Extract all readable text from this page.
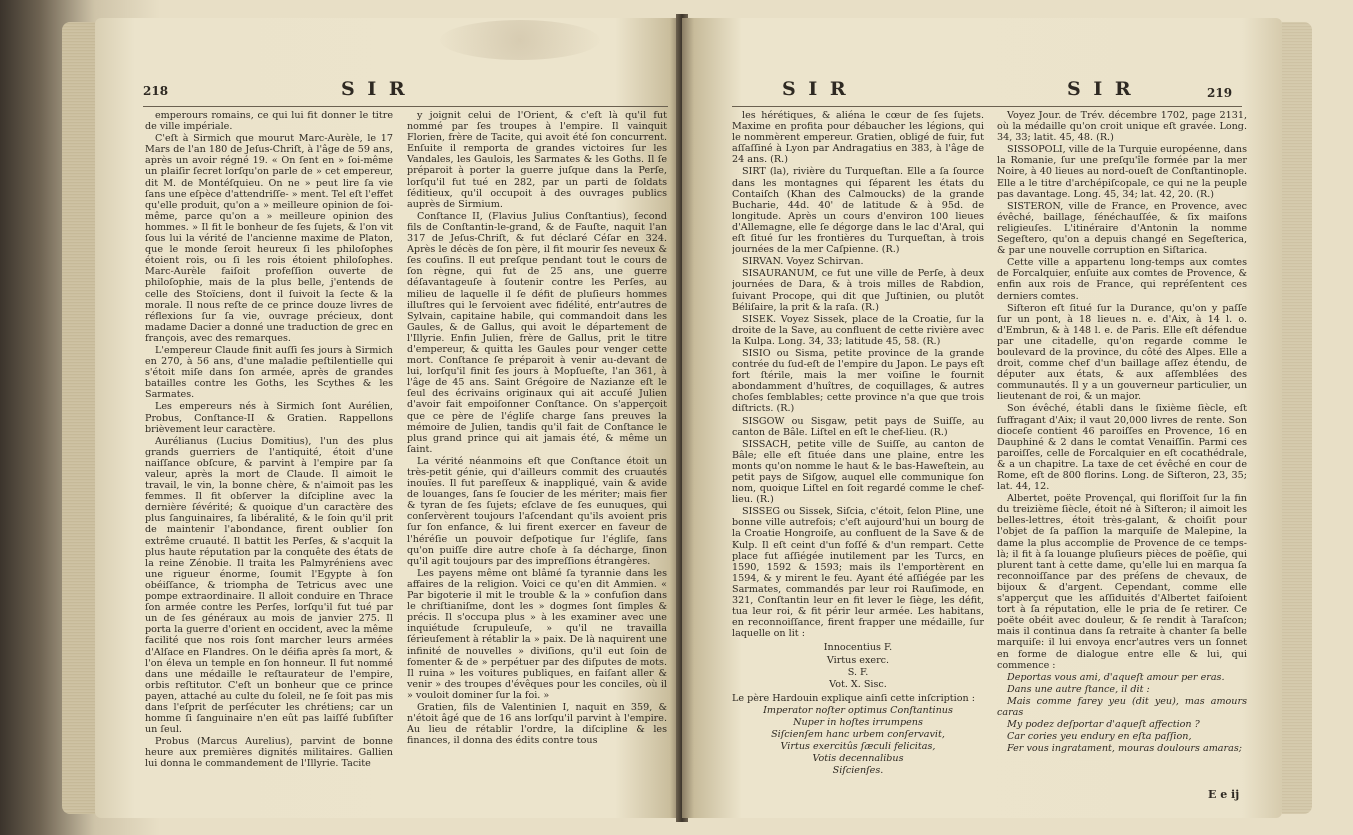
218	S I R

emperours romains, ce qui lui fit donner le titre de ville impériale.

C'eſt à Sirmich que mourut Marc-Aurèle, le 17 Mars de l'an 180 de Jeſus-Chriſt, à l'âge de 59 ans, après un avoir régné 19. « On ſent en » ſoi-même un plaiſir ſecret lorſqu'on parle de » cet empereur, dit M. de Montéſquieu. On ne » peut lire ſa vie ſans une eſpèce d'attendriſſe- » ment. Tel eſt l'effet qu'elle produit, qu'on a » meilleure opinion de ſoi-même, parce qu'on a » meilleure opinion des hommes. » Il fit le bonheur de ſes ſujets, & l'on vit ſous lui la vérité de l'ancienne maxime de Platon, que le monde ſeroit heureux ſi les philoſophes étoient rois, ou ſi les rois étoient philoſophes. Marc-Aurèle faiſoit profeſſion ouverte de philoſophie, mais de la plus belle, j'entends de celle des Stoïciens, dont il ſuivoit la ſecte & la morale. Il nous reſte de ce prince douze livres de réflexions ſur ſa vie, ouvrage précieux, dont madame Dacier a donné une traduction de grec en françois, avec des remarques.

L'empereur Claude finit auſſi ſes jours à Sirmich en 270, à 56 ans, d'une maladie peſtilentielle qui s'étoit miſe dans ſon armée, après de grandes batailles contre les Goths, les Scythes & les Sarmates.

Les empereurs nés à Sirmich ſont Aurélien, Probus, Conſtance-II & Gratien. Rappellons brièvement leur caractère.

Aurélianus (Lucius Domitius), l'un des plus grands guerriers de l'antiquité, étoit d'une naiſſance obſcure, & parvint à l'empire par ſa valeur, après la mort de Claude. Il aimoit le travail, le vin, la bonne chère, & n'aimoit pas les femmes. Il fit obſerver la diſcipline avec la dernière ſévérité; & quoique d'un caractère des plus ſanguinaires, ſa libéralité, & le ſoin qu'il prit de maintenir l'abondance, firent oublier ſon extrême cruauté. Il battit les Perſes, & s'acquit la plus haute réputation par la conquête des états de la reine Zénobie. Il traita les Palmyréniens avec une rigueur énorme, ſoumit l'Egypte à ſon obéiſſance, & triompha de Tetricus avec une pompe extraordinaire. Il alloit conduire en Thrace ſon armée contre les Perſes, lorſqu'il fut tué par un de ſes généraux au mois de janvier 275. Il porta la guerre d'orient en occident, avec la même facilité que nos rois ſont marcher leurs armées d'Alſace en Flandres. On le déifia après ſa mort, & l'on éleva un temple en ſon honneur. Il fut nommé dans une médaille le reſtaurateur de l'empire, orbis reſtitutor. C'eſt un bonheur que ce prince payen, attaché au culte du ſoleil, ne ſe ſoit pas mis dans l'eſprit de perſécuter les chrétiens; car un homme ſi ſanguinaire n'en eût pas laiſſé ſubſiſter un ſeul.

Probus (Marcus Aurelius), parvint de bonne heure aux premières dignités militaires. Gallien lui donna le commandement de l'Illyrie. Tacite

y joignit celui de l'Orient, & c'eſt là qu'il fut nommé par ſes troupes à l'empire. Il vainquit Florien, frère de Tacite, qui avoit été ſon concurrent. Enſuite il remporta de grandes victoires ſur les Vandales, les Gaulois, les Sarmates & les Goths. Il ſe préparoit à porter la guerre juſque dans la Perſe, lorſqu'il fut tué en 282, par un parti de ſoldats ſéditieux, qu'il occupoit à des ouvrages publics auprès de Sirmium.

Conſtance II, (Flavius Julius Conſtantius), ſecond fils de Conſtantin-le-grand, & de Fauſte, naquit l'an 317 de Jeſus-Chriſt, & fut déclaré Céſar en 324. Après le décès de ſon père, il fit mourir ſes neveux & ſes couſins. Il eut preſque pendant tout le cours de ſon règne, qui fut de 25 ans, une guerre déſavantageuſe à ſoutenir contre les Perſes, au milieu de laquelle il ſe défit de pluſieurs hommes illuſtres qui le ſervoient avec fidélité, entr'autres de Sylvain, capitaine habile, qui commandoit dans les Gaules, & de Gallus, qui avoit le département de l'Illyrie. Enfin Julien, frère de Gallus, prit le titre d'empereur, & quitta les Gaules pour venger cette mort. Conſtance ſe préparoit à venir au-devant de lui, lorſqu'il finit ſes jours à Mopſueſte, l'an 361, à l'âge de 45 ans. Saint Grégoire de Nazianze eſt le ſeul des écrivains originaux qui ait accuſé Julien d'avoir fait empoiſonner Conſtance. On s'apperçoit que ce père de l'égliſe charge ſans preuves la mémoire de Julien, tandis qu'il fait de Conſtance le plus grand prince qui ait jamais été, & même un ſaint.

La vérité néanmoins eſt que Conſtance étoit un très-petit génie, qui d'ailleurs commit des cruautés inouïes. Il fut pareſſeux & inappliqué, vain & avide de louanges, ſans ſe ſoucier de les mériter; mais fier & tyran de ſes ſujets; eſclave de ſes eunuques, qui conſervèrent toujours l'aſcendant qu'ils avoient pris ſur ſon enfance, & lui firent exercer en faveur de l'héréſie un pouvoir deſpotique ſur l'égliſe, ſans qu'on puiſſe dire autre choſe à ſa décharge, ſinon qu'il agit toujours par des impreſſions étrangères.

Les payens même ont blâmé ſa tyrannie dans les affaires de la religion. Voici ce qu'en dit Ammien. « Par bigoterie il mit le trouble & la » confuſion dans le chriſtianiſme, dont les » dogmes ſont ſimples & précis. Il s'occupa plus » à les examiner avec une inquiétude ſcrupuleuſe, » qu'il ne travailla ſérieuſement à rétablir la » paix. De là naquirent une infinité de nouvelles » diviſions, qu'il eut ſoin de fomenter & de » perpétuer par des diſputes de mots. Il ruina » les voitures publiques, en faiſant aller & venir » des troupes d'évêques pour les conciles, où il » vouloit dominer ſur la foi. »

Gratien, fils de Valentinien I, naquit en 359, & n'étoit âgé que de 16 ans lorſqu'il parvint à l'empire. Au lieu de rétablir l'ordre, la diſcipline & les finances, il donna des édits contre tous

S I R	S I R	219

les hérétiques, & aliéna le cœur de ſes ſujets. Maxime en profita pour débaucher les légions, qui le nommèrent empereur. Gratien, obligé de fuir, fut aſſaſſiné à Lyon par Andragatius en 383, à l'âge de 24 ans. (R.)

SIRT (la), rivière du Turqueſtan. Elle a ſa ſource dans les montagnes qui ſéparent les états du Contaiſch (Khan des Calmoucks) de la grande Bucharie, 44d. 40' de latitude & à 95d. de longitude. Après un cours d'environ 100 lieues d'Allemagne, elle ſe dégorge dans le lac d'Aral, qui eſt ſitué ſur les frontières du Turqueſtan, à trois journées de la mer Caſpienne. (R.)

SIRVAN. Voyez Schirvan.

SISAURANUM, ce fut une ville de Perſe, à deux journées de Dara, & à trois milles de Rabdion, ſuivant Procope, qui dit que Juſtinien, ou plutôt Béliſaire, la prit & la raſa. (R.)

SISEK. Voyez Sissek, place de la Croatie, ſur la droite de la Save, au confluent de cette rivière avec la Kulpa. Long. 34, 33; latitude 45, 58. (R.)

SISIO ou Sisma, petite province de la grande contrée du ſud-eſt de l'empire du Japon. Le pays eſt fort ſtérile, mais la mer voiſine le fournit abondamment d'huîtres, de coquillages, & autres choſes ſemblables; cette province n'a que que trois diſtricts. (R.)

SISGOW ou Sisgaw, petit pays de Suiſſe, au canton de Bâle. Liſtel en eſt le chef-lieu. (R.)

SISSACH, petite ville de Suiſſe, au canton de Bâle; elle eſt ſituée dans une plaine, entre les monts qu'on nomme le haut & le bas-Haweſtein, au petit pays de Siſgow, auquel elle communique ſon nom, quoique Liſtel en ſoit regardé comme le chef-lieu. (R.)

SISSEG ou Sissek, Siſcia, c'étoit, ſelon Pline, une bonne ville autrefois; c'eſt aujourd'hui un bourg de la Croatie Hongroiſe, au confluent de la Save & de Kulp. Il eſt ceint d'un foſſé & d'un rempart. Cette place fut aſſiégée inutilement par les Turcs, en 1590, 1592 & 1593; mais ils l'emportèrent en 1594, & y mirent le feu. Ayant été aſſiégée par les Sarmates, commandés par leur roi Rauſimode, en 321, Conſtantin leur en fit lever le ſiège, les défit, tua leur roi, & fit périr leur armée. Les habitans, en reconnoiſſance, firent frapper une médaille, ſur laquelle on lit :

Innocentius F.

Virtus exerc.

S. F.

Vot. X. Sisc.

Le père Hardouin explique ainſi cette inſcription :

Imperator noſter optimus Conſtantinus

Nuper in hoſtes irrumpens

Siſcienſem hanc urbem conſervavit,

Virtus exercitûs ſæculi felicitas,

Votis decennalibus

Siſcienſes.

Voyez Jour. de Trév. décembre 1702, page 2131, où la médaille qu'on croit unique eſt gravée. Long. 34, 33; latit. 45, 48. (R.)

SISSOPOLI, ville de la Turquie européenne, dans la Romanie, ſur une preſqu'île formée par la mer Noire, à 40 lieues au nord-oueſt de Conſtantinople. Elle a le titre d'archépiſcopale, ce qui ne la peuple pas davantage. Long. 45, 34; lat. 42, 20. (R.)

SISTERON, ville de France, en Provence, avec évêché, baillage, ſénéchauſſée, & ſix maiſons religieuſes. L'itinéraire d'Antonin la nomme Segeſtero, qu'on a depuis changé en Segeſterica, & par une nouvelle corruption en Siſtarica.

Cette ville a appartenu long-temps aux comtes de Forcalquier, enſuite aux comtes de Provence, & enfin aux rois de France, qui repréſentent ces derniers comtes.

Siſteron eſt ſitué ſur la Durance, qu'on y paſſe ſur un pont, à 18 lieues n. e. d'Aix, à 14 l. o. d'Embrun, & à 148 l. e. de Paris. Elle eſt défendue par une citadelle, qu'on regarde comme le boulevard de la province, du côté des Alpes. Elle a droit, comme chef d'un baillage aſſez étendu, de députer aux états, & aux aſſemblées des communautés. Il y a un gouverneur particulier, un lieutenant de roi, & un major.

Son évêché, établi dans le ſixième ſiècle, eſt ſuffragant d'Aix; il vaut 20,000 livres de rente. Son dioceſe contient 46 paroiſſes en Provence, 16 en Dauphiné & 2 dans le comtat Venaiſſin. Parmi ces paroiſſes, celle de Forcalquier en eſt cocathédrale, & a un chapitre. La taxe de cet évêché en cour de Rome, eſt de 800 florins. Long. de Siſteron, 23, 35; lat. 44, 12.

Albertet, poëte Provençal, qui floriſſoit ſur la fin du treizième ſiècle, étoit né à Siſteron; il aimoit les belles-lettres, étoit très-galant, & choiſit pour l'objet de ſa paſſion la marquiſe de Malepine, la dame la plus accomplie de Provence de ce temps-là; il fit à ſa louange pluſieurs pièces de poëſie, qui plurent tant à cette dame, qu'elle lui en marqua ſa reconnoiſſance par des préſens de chevaux, de bijoux & d'argent. Cependant, comme elle s'apperçut que les aſſiduités d'Albertet faiſoient tort à ſa réputation, elle le pria de ſe retirer. Ce poëte obéit avec douleur, & ſe rendit à Taraſcon; mais il continua dans ſa retraite à chanter ſa belle marquiſe: il lui envoya encr'autres vers un ſonnet en forme de dialogue entre elle & lui, qui commence :

Deportas vous ami, d'aqueſt amour per eras.

Dans une autre ſtance, il dit :

Mais comme farey yeu (dit yeu), mas amours caras

My podez deſportar d'aqueſt affection ?

Car cories yeu endury en eſta paſſion,

Fer vous ingratament, mouras doulours amaras;

E e ij
